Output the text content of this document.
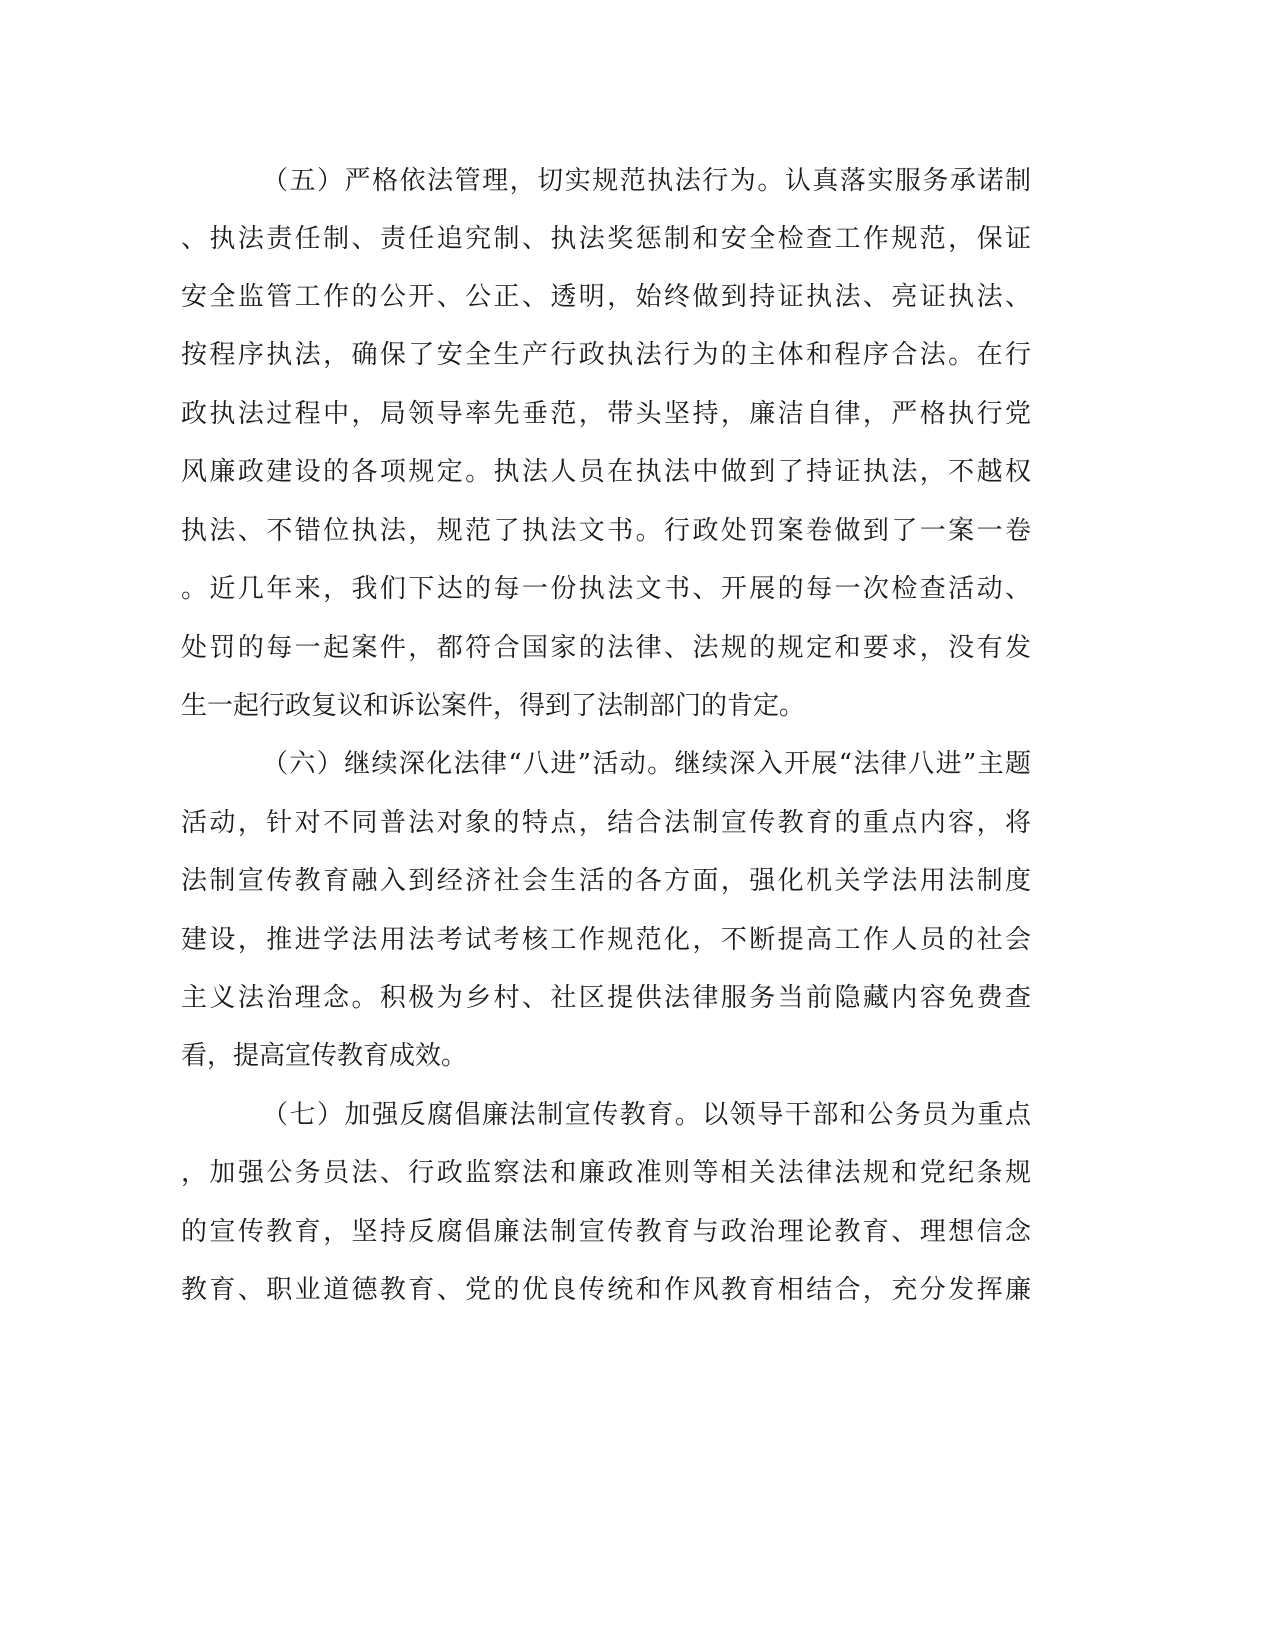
（五）严格依法管理，切实规范执法行为。认真落实服务承诺制
、执法责任制、责任追究制、执法奖惩制和安全检查工作规范，保证
安全监管工作的公开、公正、透明，始终做到持证执法、亮证执法、
按程序执法，确保了安全生产行政执法行为的主体和程序合法。在行
政执法过程中，局领导率先垂范，带头坚持，廉洁自律，严格执行党
风廉政建设的各项规定。执法人员在执法中做到了持证执法，不越权
执法、不错位执法，规范了执法文书。行政处罚案卷做到了一案一卷
。近几年来，我们下达的每一份执法文书、开展的每一次检查活动、
处罚的每一起案件，都符合国家的法律、法规的规定和要求，没有发
生一起行政复议和诉讼案件，得到了法制部门的肯定。
（六）继续深化法律“八进”活动。继续深入开展“法律八进”主题
活动，针对不同普法对象的特点，结合法制宣传教育的重点内容，将
法制宣传教育融入到经济社会生活的各方面，强化机关学法用法制度
建设，推进学法用法考试考核工作规范化，不断提高工作人员的社会
主义法治理念。积极为乡村、社区提供法律服务当前隐藏内容免费查
看，提高宣传教育成效。
（七）加强反腐倡廉法制宣传教育。以领导干部和公务员为重点
，加强公务员法、行政监察法和廉政准则等相关法律法规和党纪条规
的宣传教育，坚持反腐倡廉法制宣传教育与政治理论教育、理想信念
教育、职业道德教育、党的优良传统和作风教育相结合，充分发挥廉
